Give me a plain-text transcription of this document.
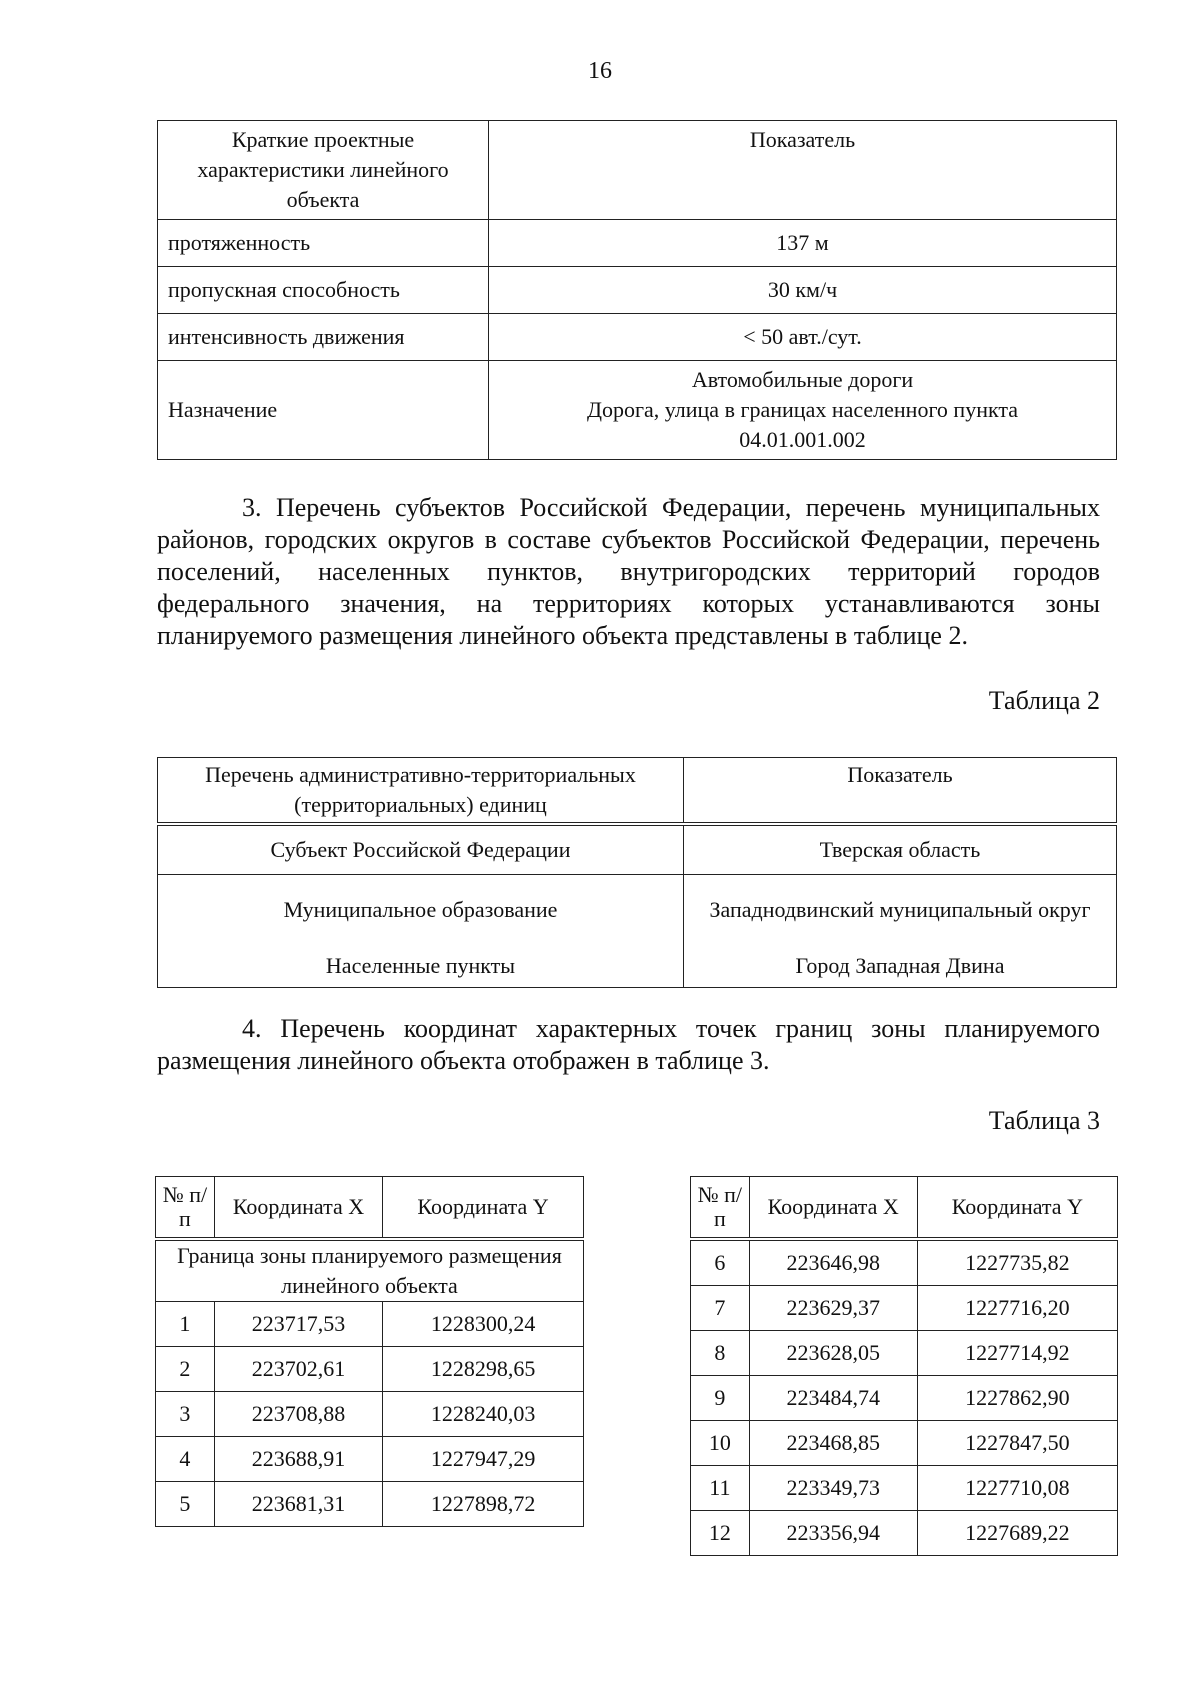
16
Краткие проектные характеристики линейного объекта	Показатель
протяженность	137 м
пропускная способность	30 км/ч
интенсивность движения	< 50 авт./сут.
Назначение	Автомобильные дороги
Дорога, улица в границах населенного пункта
04.01.001.002

3. Перечень субъектов Российской Федерации, перечень муниципальных районов, городских округов в составе субъектов Российской Федерации, перечень поселений, населенных пунктов, внутригородских территорий городов федерального значения, на территориях которых устанавливаются зоны планируемого размещения линейного объекта представлены в таблице 2.

Таблица 2
Перечень административно-территориальных (территориальных) единиц	Показатель
Субъект Российской Федерации	Тверская область
Муниципальное образование	Западнодвинский муниципальный округ
Населенные пункты	Город Западная Двина

4. Перечень координат характерных точек границ зоны планируемого размещения линейного объекта отображен в таблице 3.

Таблица 3
№ п/п	Координата X	Координата Y
Граница зоны планируемого размещения линейного объекта		
1	223717,53	1228300,24
2	223702,61	1228298,65
3	223708,88	1228240,03
4	223688,91	1227947,29
5	223681,31	1227898,72
№ п/п	Координата X	Координата Y
6	223646,98	1227735,82
7	223629,37	1227716,20
8	223628,05	1227714,92
9	223484,74	1227862,90
10	223468,85	1227847,50
11	223349,73	1227710,08
12	223356,94	1227689,22
